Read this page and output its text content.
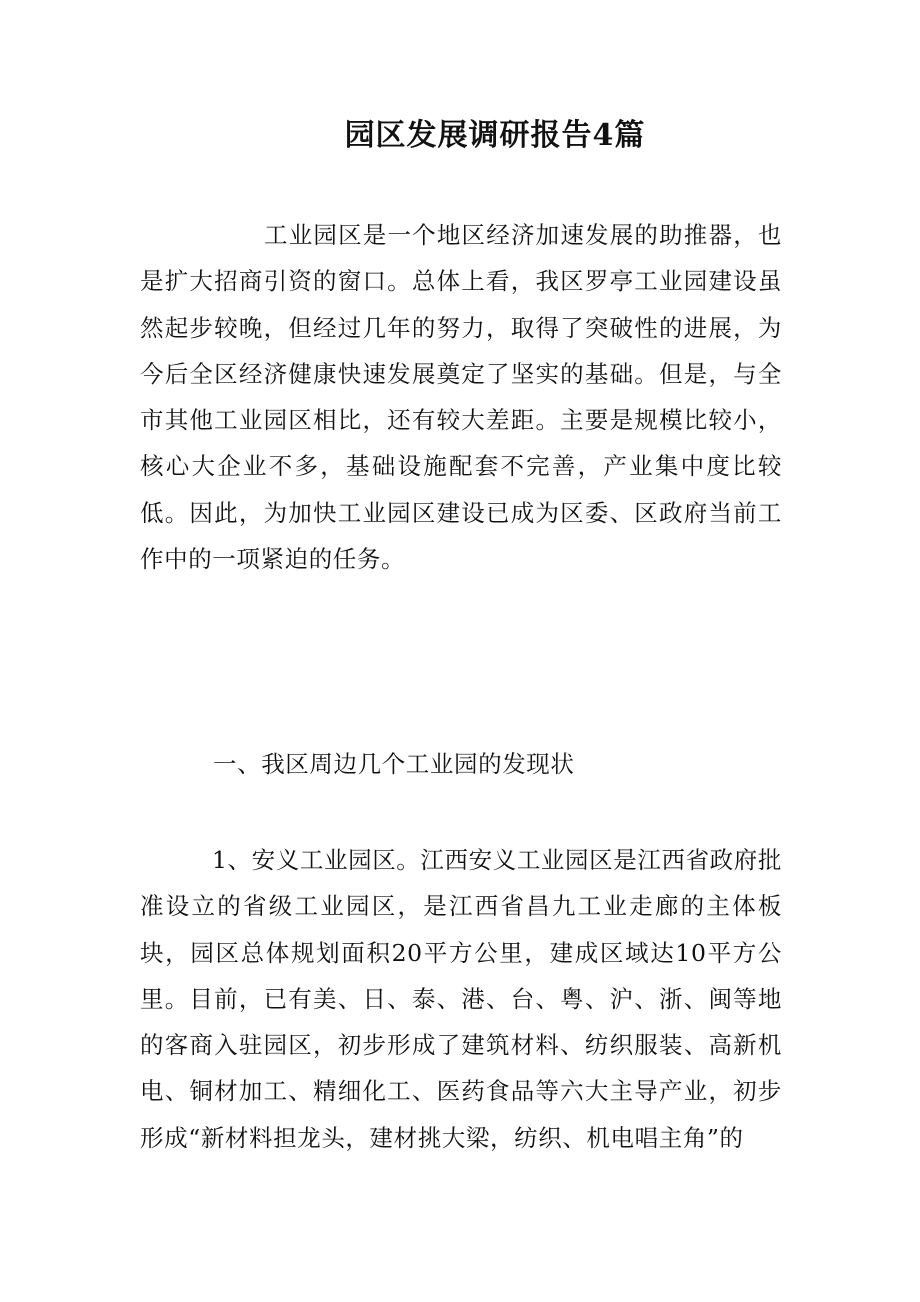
园区发展调研报告4篇

工业园区是一个地区经济加速发展的助推器，也是扩大招商引资的窗口。总体上看，我区罗亭工业园建设虽然起步较晚，但经过几年的努力，取得了突破性的进展，为今后全区经济健康快速发展奠定了坚实的基础。但是，与全市其他工业园区相比，还有较大差距。主要是规模比较小，核心大企业不多，基础设施配套不完善，产业集中度比较低。因此，为加快工业园区建设已成为区委、区政府当前工作中的一项紧迫的任务。

一、我区周边几个工业园的发现状

1、安义工业园区。江西安义工业园区是江西省政府批准设立的省级工业园区，是江西省昌九工业走廊的主体板块，园区总体规划面积20平方公里，建成区域达10平方公里。目前，已有美、日、泰、港、台、粤、沪、浙、闽等地的客商入驻园区，初步形成了建筑材料、纺织服装、高新机电、铜材加工、精细化工、医药食品等六大主导产业，初步形成“新材料担龙头，建材挑大梁，纺织、机电唱主角”的
